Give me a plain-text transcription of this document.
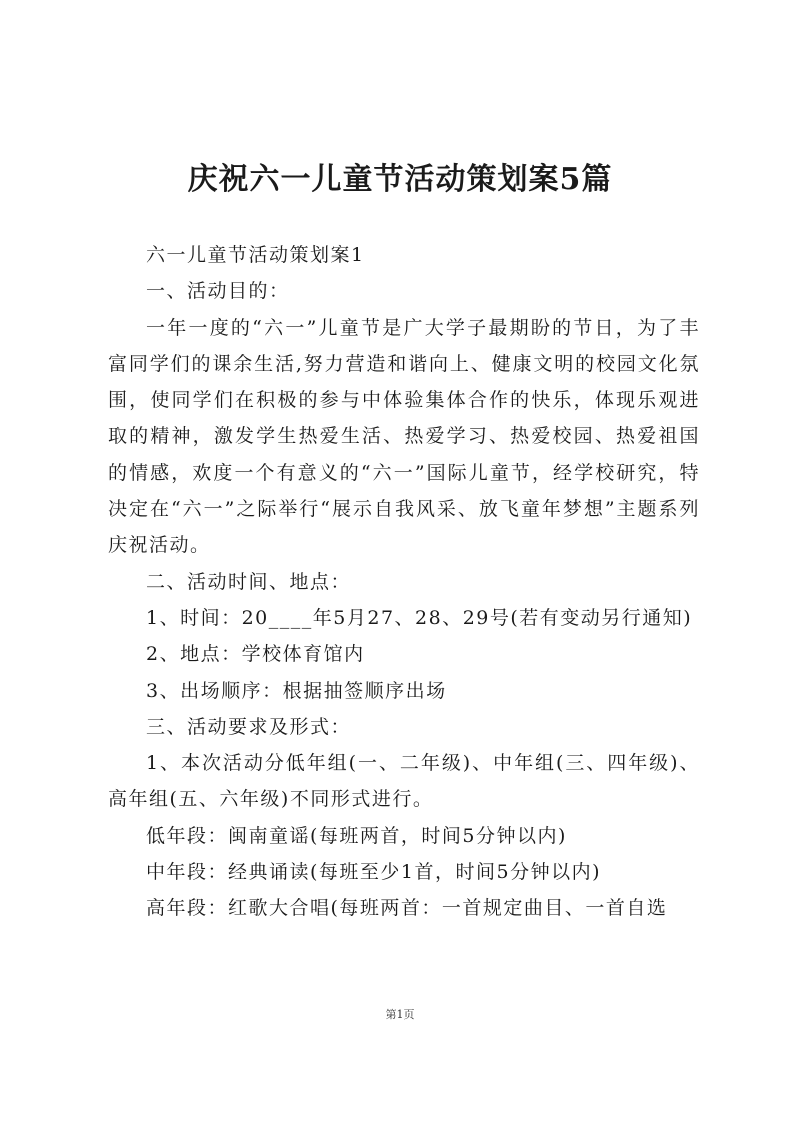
庆祝六一儿童节活动策划案5篇

六一儿童节活动策划案1

一、活动目的：

一年一度的“六一”儿童节是广大学子最期盼的节日，为了丰富同学们的课余生活,努力营造和谐向上、健康文明的校园文化氛围，使同学们在积极的参与中体验集体合作的快乐，体现乐观进取的精神，激发学生热爱生活、热爱学习、热爱校园、热爱祖国的情感，欢度一个有意义的“六一”国际儿童节，经学校研究，特决定在“六一”之际举行“展示自我风采、放飞童年梦想”主题系列庆祝活动。

二、活动时间、地点：

1、时间：20____年5月27、28、29号(若有变动另行通知)

2、地点：学校体育馆内

3、出场顺序：根据抽签顺序出场

三、活动要求及形式：

1、本次活动分低年组(一、二年级)、中年组(三、四年级)、高年组(五、六年级)不同形式进行。

低年段：闽南童谣(每班两首，时间5分钟以内)

中年段：经典诵读(每班至少1首，时间5分钟以内)

高年段：红歌大合唱(每班两首：一首规定曲目、一首自选

第1页
